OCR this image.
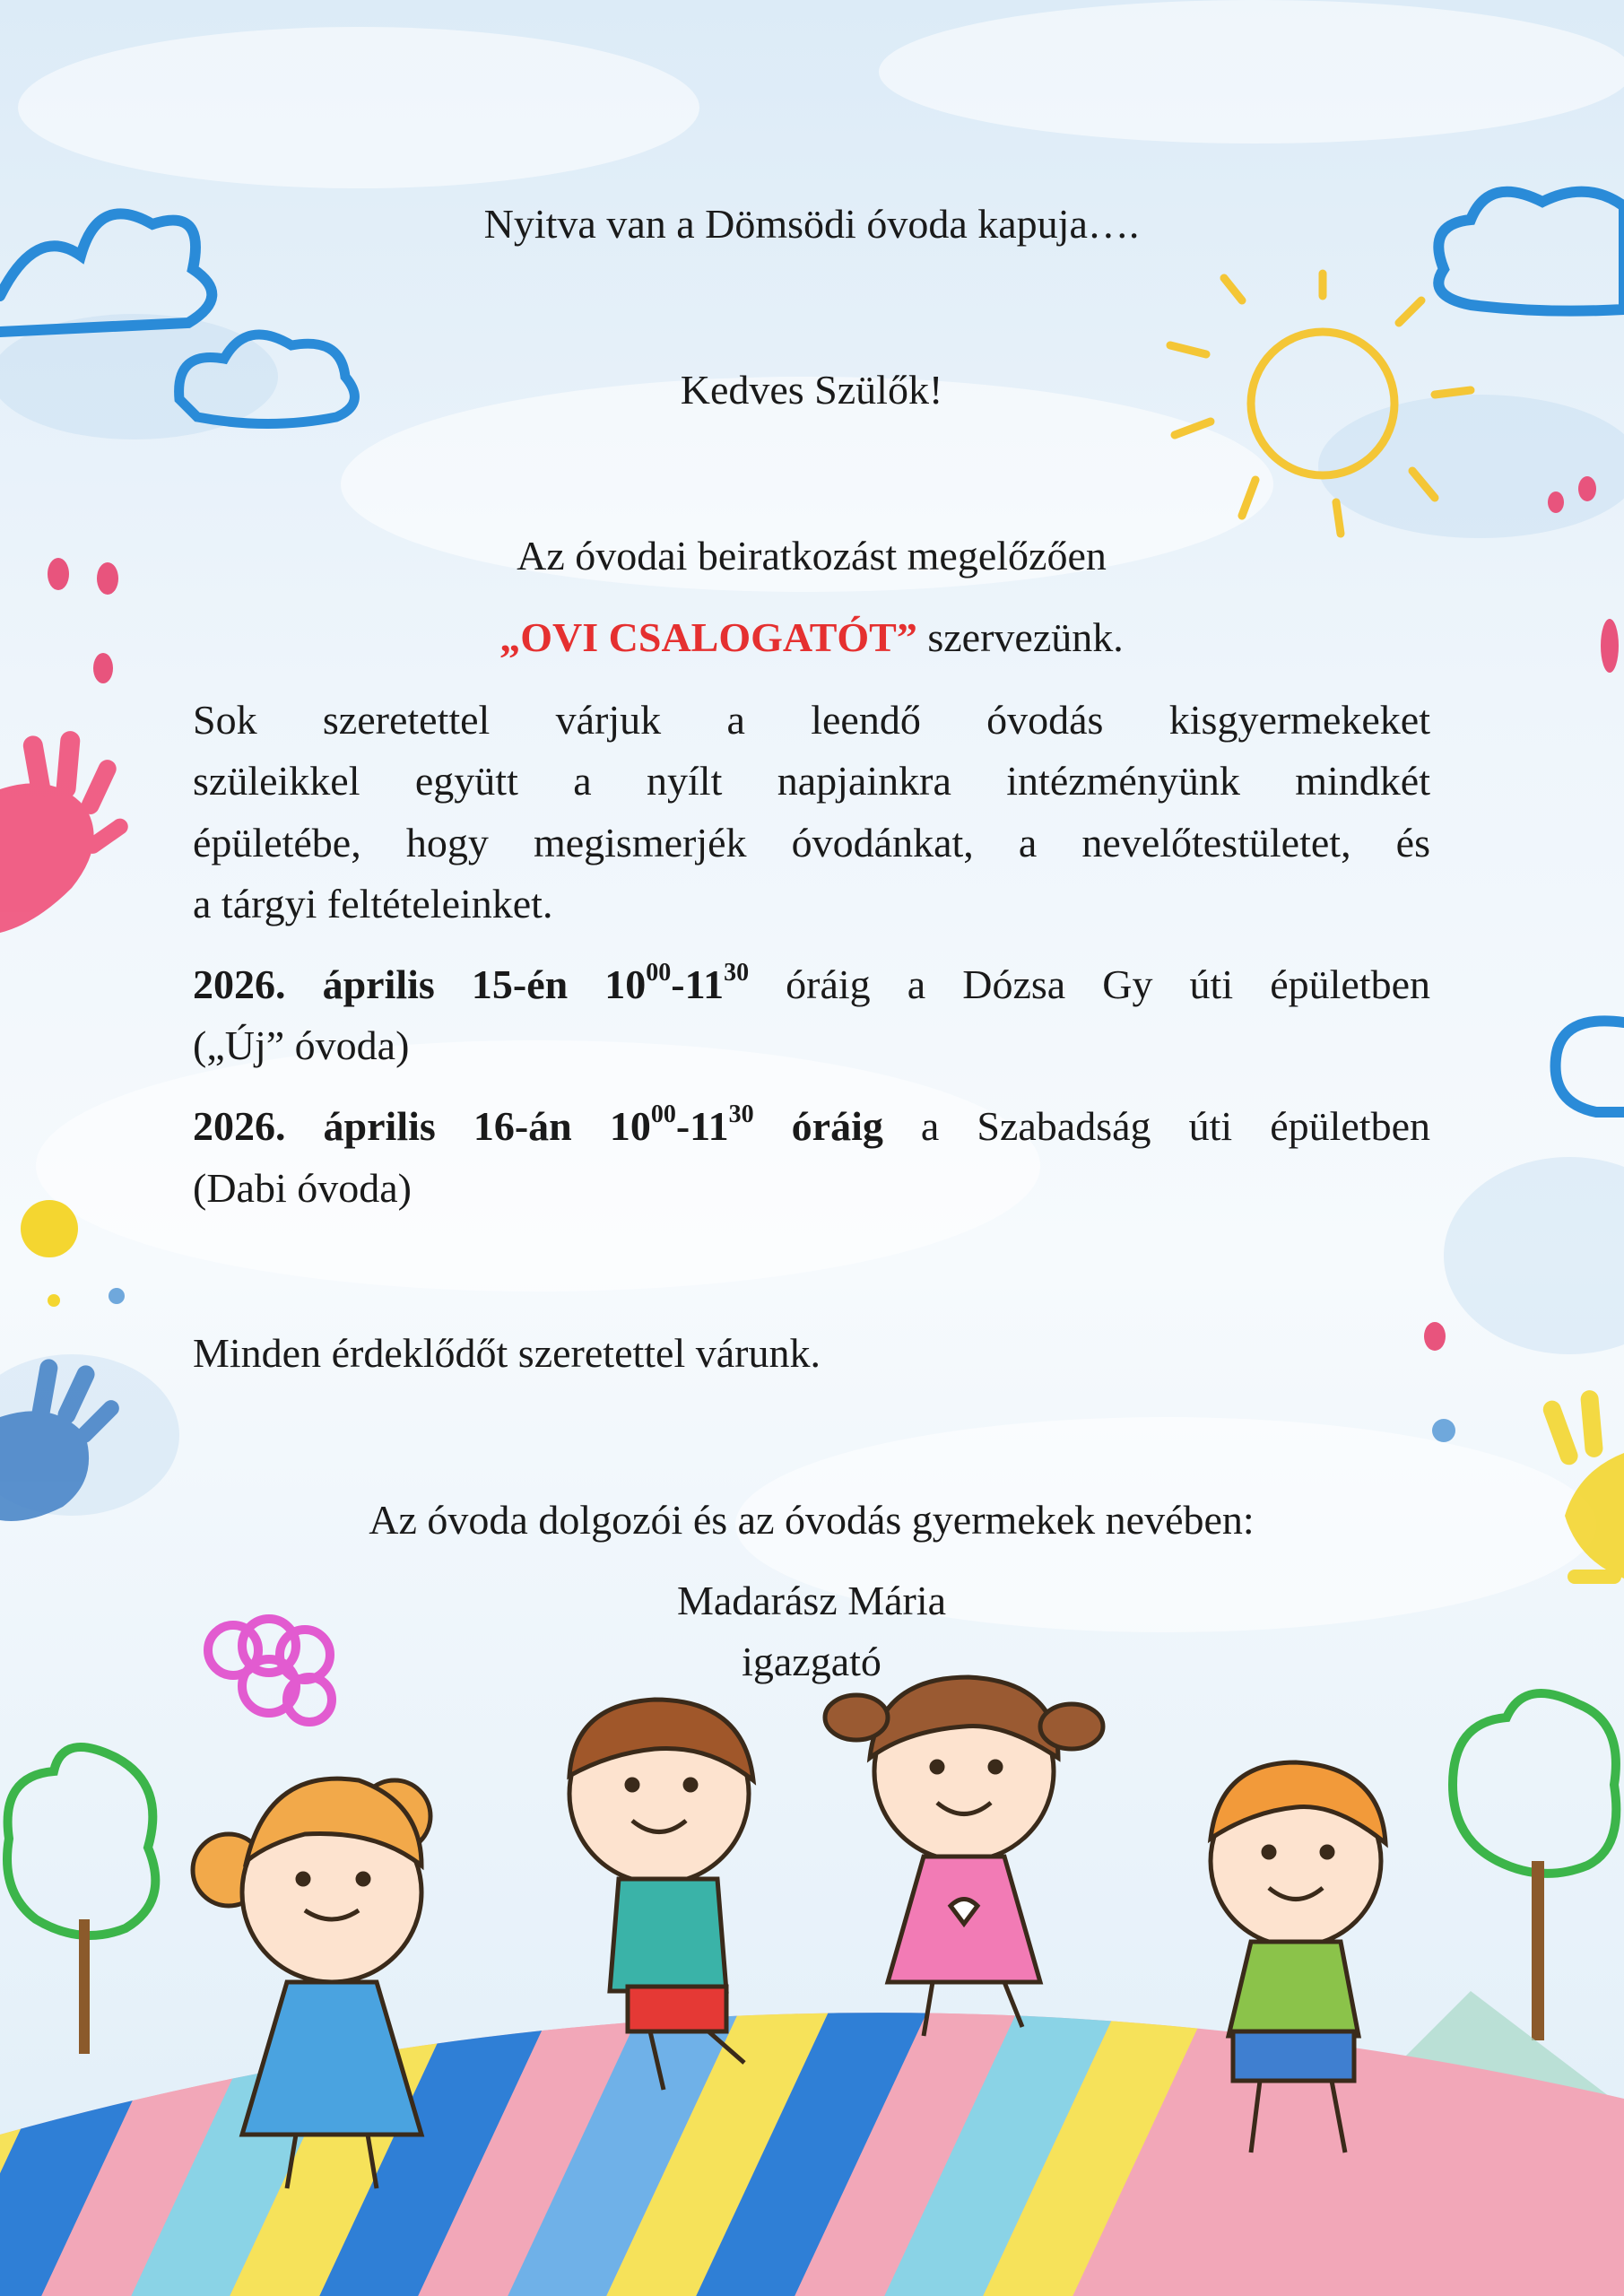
Nyitva van a Dömsödi óvoda kapuja….

Kedves Szülők!

Az óvodai beiratkozást megelőzően

„OVI CSALOGATÓT” szervezünk.

Sok szeretettel várjuk a leendő óvodás kisgyermekeket

szüleikkel együtt a nyílt napjainkra intézményünk mindkét

épületébe, hogy megismerjék óvodánkat, a nevelőtestületet, és

a tárgyi feltételeinket.

2026. április 15-én $10^{00}-11^{30}$ óráig a Dózsa Gy úti épületben

(„Új” óvoda)

2026. április 16-án $10^{00}-11^{30}$ óráig a Szabadság úti épületben

(Dabi óvoda)

Minden érdeklődőt szeretettel várunk.

Az óvoda dolgozói és az óvodás gyermekek nevében:

Madarász Mária

igazgató
